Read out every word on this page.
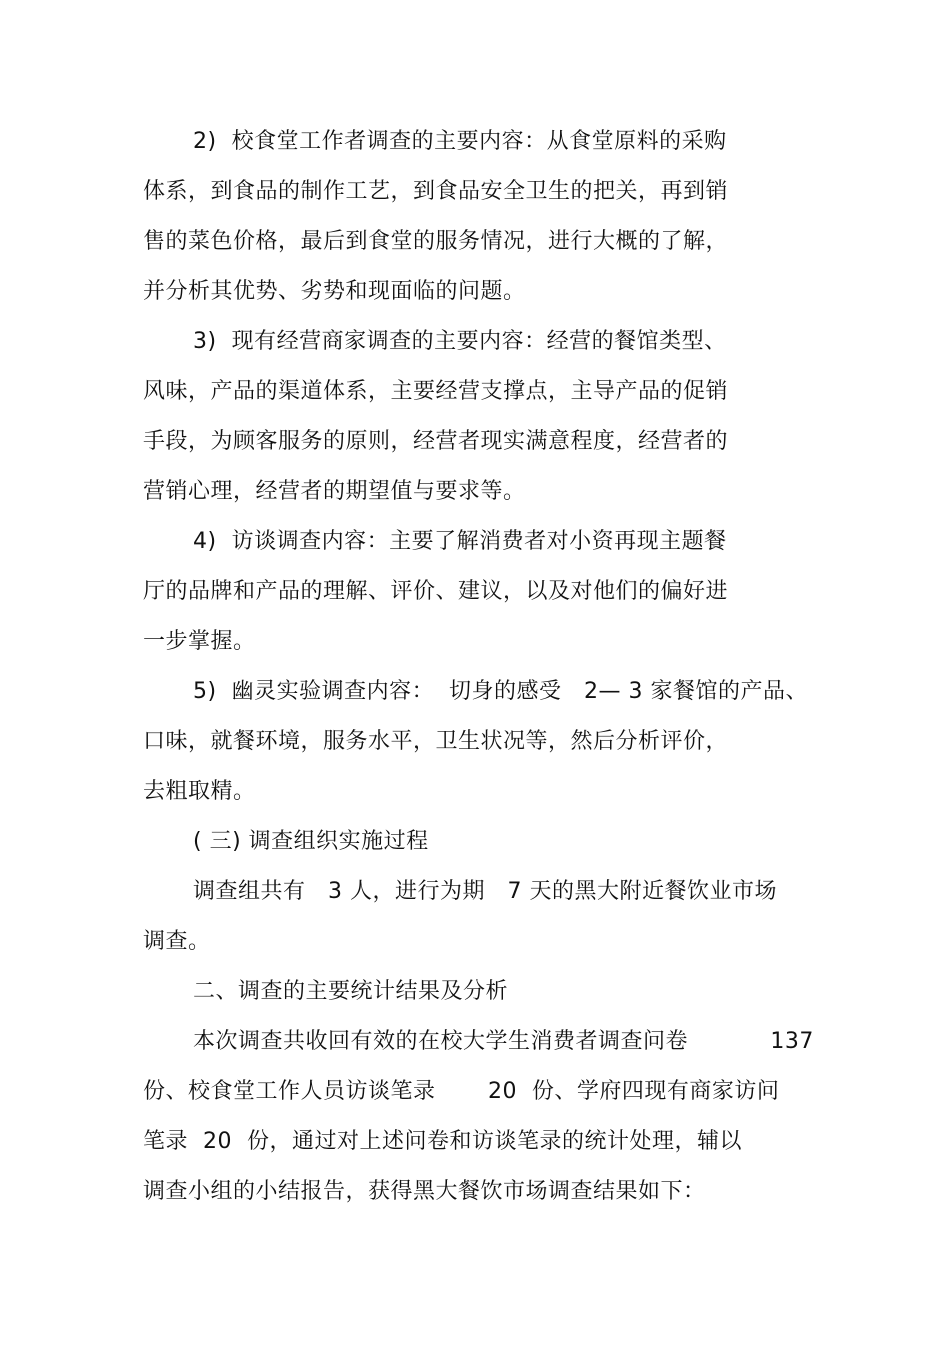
2)  校食堂工作者调查的主要内容：从食堂原料的采购
体系，到食品的制作工艺，到食品安全卫生的把关，再到销
售的菜色价格，最后到食堂的服务情况，进行大概的了解，
并分析其优势、劣势和现面临的问题。
3)  现有经营商家调查的主要内容：经营的餐馆类型、
风味，产品的渠道体系，主要经营支撑点，主导产品的促销
手段，为顾客服务的原则，经营者现实满意程度，经营者的
营销心理，经营者的期望值与要求等。
4)  访谈调查内容：主要了解消费者对小资再现主题餐
厅的品牌和产品的理解、评价、建议，以及对他们的偏好进
一步掌握。
5)  幽灵实验调查内容：  切身的感受   2— 3 家餐馆的产品、
口味，就餐环境，服务水平，卫生状况等，然后分析评价，
去粗取精。
( 三) 调查组织实施过程
调查组共有   3 人，进行为期   7 天的黑大附近餐饮业市场
调查。
二、调查的主要统计结果及分析
本次调查共收回有效的在校大学生消费者调查问卷           137
份、校食堂工作人员访谈笔录       20  份、学府四现有商家访问
笔录  20  份，通过对上述问卷和访谈笔录的统计处理，辅以
调查小组的小结报告，获得黑大餐饮市场调查结果如下：
